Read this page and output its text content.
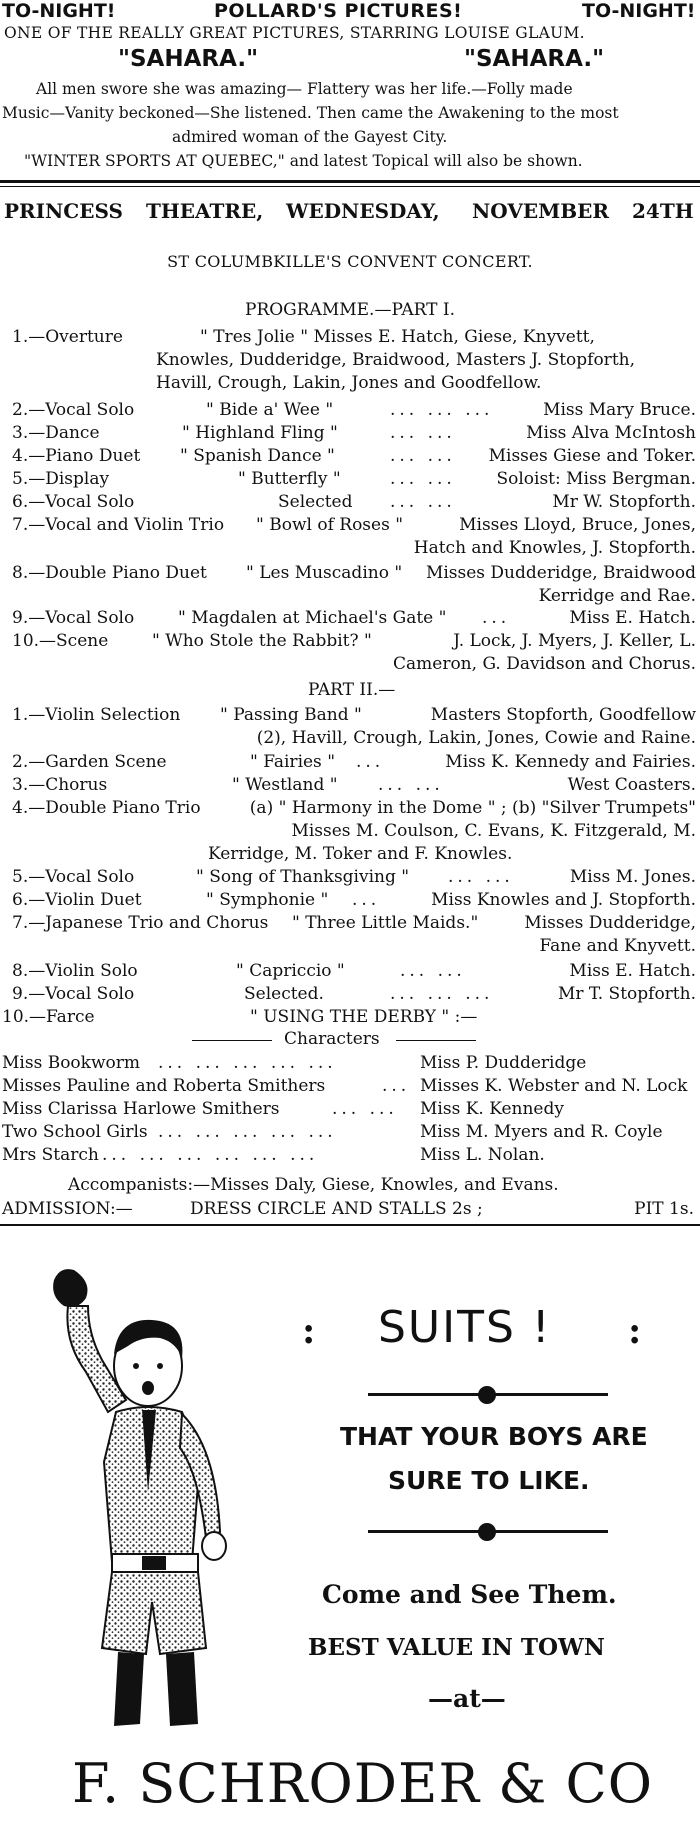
TO-NIGHT!	POLLARD'S PICTURES!	TO-NIGHT!
ONE OF THE REALLY GREAT PICTURES, STARRING LOUISE GLAUM.
"SAHARA."	"SAHARA."
All men swore she was amazing— Flattery was her life.—Folly made
Music—Vanity beckoned—She listened. Then came the Awakening to the most
admired woman of the Gayest City.
"WINTER SPORTS AT QUEBEC," and latest Topical will also be shown.
PRINCESS THEATRE, WEDNESDAY, NOVEMBER 24TH
ST COLUMBKILLE'S CONVENT CONCERT.
PROGRAMME.—PART I.
1.—Overture	" Tres Jolie " Misses E. Hatch, Giese, Knyvett,
Knowles, Dudderidge, Braidwood, Masters J. Stopforth,
Havill, Crough, Lakin, Jones and Goodfellow.
2.—Vocal Solo	" Bide a' Wee "	... ... ...	Miss Mary Bruce.
3.—Dance	" Highland Fling "	... ...	Miss Alva McIntosh
4.—Piano Duet " Spanish Dance "	... ... Misses Giese and Toker.
5.—Display	" Butterfly "	... ... Soloist: Miss Bergman.
6.—Vocal Solo	Selected ... ...	Mr W. Stopforth.
7.—Vocal and Violin Trio " Bowl of Roses "	Misses Lloyd, Bruce, Jones,
Hatch and Knowles, J. Stopforth.
8.—Double Piano Duet " Les Muscadino " Misses Dudderidge, Braidwood
Kerridge and Rae.
9.—Vocal Solo	" Magdalen at Michael's Gate " ...	Miss E. Hatch.
10.—Scene	" Who Stole the Rabbit? "	J. Lock, J. Myers, J. Keller, L.
Cameron, G. Davidson and Chorus.
PART II.—
1.—Violin Selection " Passing Band "	Masters Stopforth, Goodfellow
(2), Havill, Crough, Lakin, Jones, Cowie and Raine.
2.—Garden Scene	" Fairies " ...	Miss K. Kennedy and Fairies.
3.—Chorus	" Westland " ... ...	West Coasters.
4.—Double Piano Trio	(a) " Harmony in the Dome " ; (b) "Silver Trumpets"
Misses M. Coulson, C. Evans, K. Fitzgerald, M.
Kerridge, M. Toker and F. Knowles.
5.—Vocal Solo	" Song of Thanksgiving " ... ...	Miss M. Jones.
6.—Violin Duet	" Symphonie " ...	Miss Knowles and J. Stopforth.
7.—Japanese Trio and Chorus " Three Little Maids."	Misses Dudderidge,
Fane and Knyvett.
8.—Violin Solo	" Capriccio "	... ...	Miss E. Hatch.
9.—Vocal Solo	Selected.	... ... ...	Mr T. Stopforth.
10.—Farce	" USING THE DERBY " :—
Characters
Miss Bookworm ... ... ... ... ...	Miss P. Dudderidge
Misses Pauline and Roberta Smithers	... Misses K. Webster and N. Lock
Miss Clarissa Harlowe Smithers	... ... Miss K. Kennedy
Two School Girls ... ... ... ... ...	Miss M. Myers and R. Coyle
Mrs Starch ... ... ... ... ... ...	Miss L. Nolan.
Accompanists:—Misses Daly, Giese, Knowles, and Evans.
ADMISSION:—	DRESS CIRCLE AND STALLS 2s ;	PIT 1s.
: SUITS ! :
THAT YOUR BOYS ARE
SURE TO LIKE.
Come and See Them.
BEST VALUE IN TOWN
—at—
F. SCHRODER & CO
